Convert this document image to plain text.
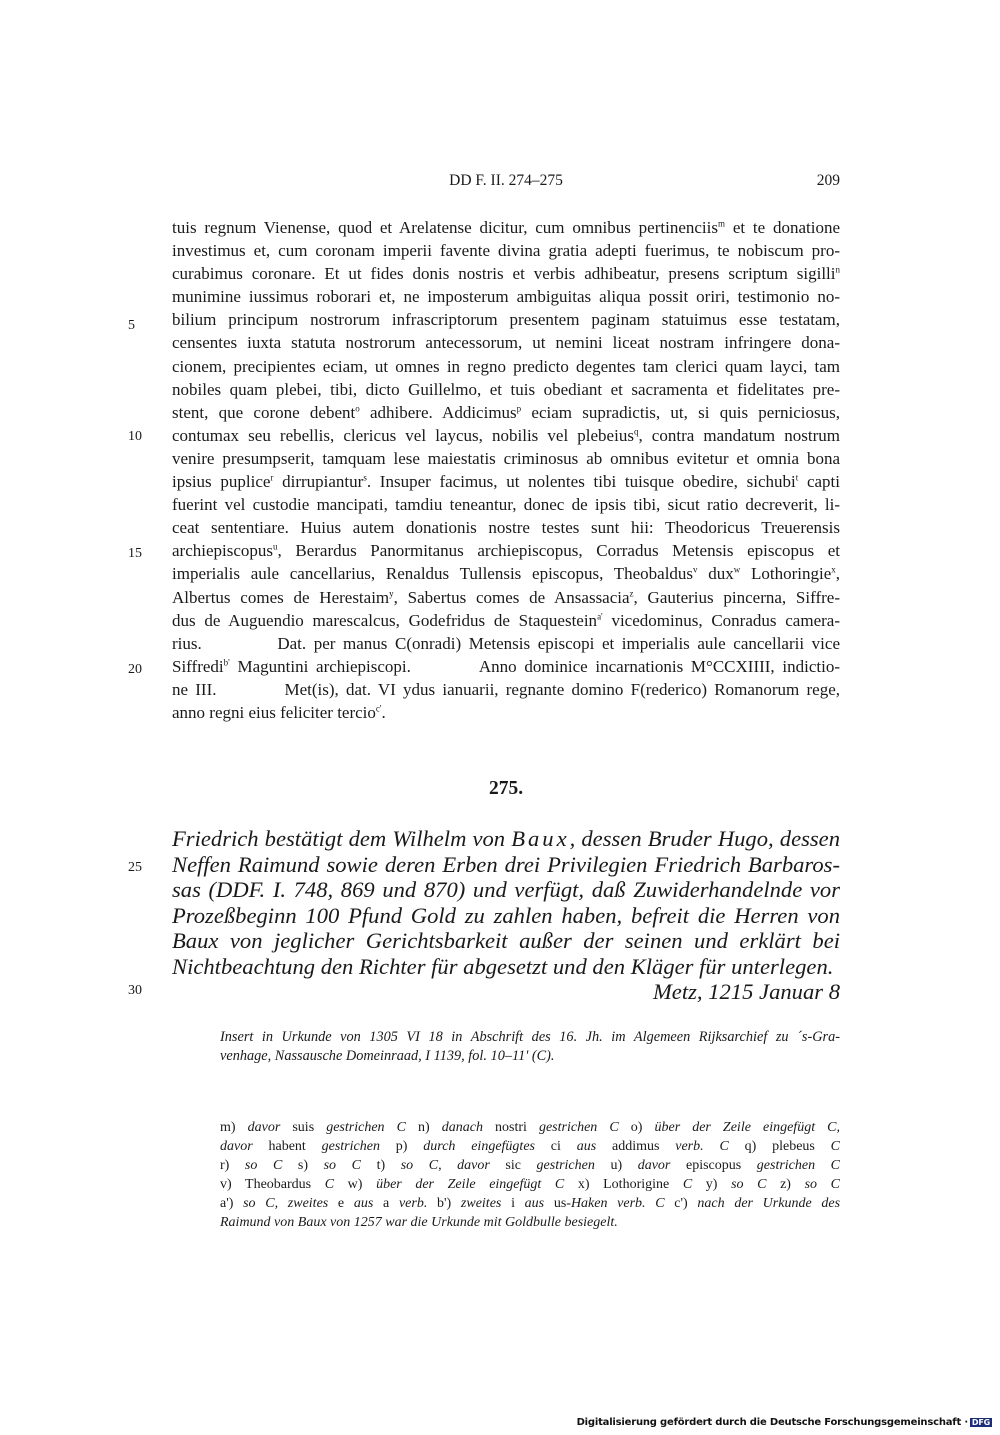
DD F. II. 274–275	209
5
10
15
20
25
30
tuis regnum Vienense, quod et Arelatense dicitur, cum omnibus pertinenciis$^m$ et te donatione
investimus et, cum coronam imperii favente divina gratia adepti fuerimus, te nobiscum pro-
curabimus coronare. Et ut fides donis nostris et verbis adhibeatur, presens scriptum sigilli$^n$
munimine iussimus roborari et, ne imposterum ambiguitas aliqua possit oriri, testimonio no-
bilium principum nostrorum infrascriptorum presentem paginam statuimus esse testatam,
censentes iuxta statuta nostrorum antecessorum, ut nemini liceat nostram infringere dona-
cionem, precipientes eciam, ut omnes in regno predicto degentes tam clerici quam layci, tam
nobiles quam plebei, tibi, dicto Guillelmo, et tuis obediant et sacramenta et fidelitates pre-
stent, que corone debent$^o$ adhibere. Addicimus$^p$ eciam supradictis, ut, si quis perniciosus,
contumax seu rebellis, clericus vel laycus, nobilis vel plebeius$^q$, contra mandatum nostrum
venire presumpserit, tamquam lese maiestatis criminosus ab omnibus evitetur et omnia bona
ipsius puplice$^r$ dirrupiantur$^s$. Insuper facimus, ut nolentes tibi tuisque obedire, sichubi$^t$ capti
fuerint vel custodie mancipati, tamdiu teneantur, donec de ipsis tibi, sicut ratio decreverit, li-
ceat sententiare. Huius autem donationis nostre testes sunt hii: Theodoricus Treuerensis
archiepiscopus$^u$, Berardus Panormitanus archiepiscopus, Corradus Metensis episcopus et
imperialis aule cancellarius, Renaldus Tullensis episcopus, Theobaldus$^v$ dux$^w$ Lothoringie$^x$,
Albertus comes de Herestaim$^y$, Sabertus comes de Ansassacia$^z$, Gauterius pincerna, Siffre-
dus de Auguendio marescalcus, Godefridus de Staquestein$^{a'}$ vicedominus, Conradus camera-
rius.     Dat. per manus C(onradi) Metensis episcopi et imperialis aule cancellarii vice
Siffredi$^{b'}$ Maguntini archiepiscopi.    Anno dominice incarnationis M°CCXIIII, indictio-
ne III.    Met(is), dat. VI ydus ianuarii, regnante domino F(rederico) Romanorum rege,
anno regni eius feliciter tercio$^{c'}$.
275.
Friedrich bestätigt dem Wilhelm von Baux, dessen Bruder Hugo, dessen
Neffen Raimund sowie deren Erben drei Privilegien Friedrich Barbaros-
sas (DDF. I. 748, 869 und 870) und verfügt, daß Zuwiderhandelnde vor
Prozeßbeginn 100 Pfund Gold zu zahlen haben, befreit die Herren von
Baux von jeglicher Gerichtsbarkeit außer der seinen und erklärt bei
Nichtbeachtung den Richter für abgesetzt und den Kläger für unterlegen.
Metz, 1215 Januar 8
Insert in Urkunde von 1305 VI 18 in Abschrift des 16. Jh. im Algemeen Rijksarchief zu ´s-Gra-
venhage, Nassausche Domeinraad, I 1139, fol. 10–11' (C).
m) davor suis gestrichen C n) danach nostri gestrichen C o) über der Zeile eingefügt C,
davor habent gestrichen p) durch eingefügtes ci aus addimus verb. C q) plebeus C
r) so C s) so C t) so C, davor sic gestrichen u) davor episcopus gestrichen C
v) Theobardus C w) über der Zeile eingefügt C x) Lothorigine C y) so C z) so C
a') so C, zweites e aus a verb. b') zweites i aus us-Haken verb. C c') nach der Urkunde des
Raimund von Baux von 1257 war die Urkunde mit Goldbulle besiegelt.
Digitalisierung gefördert durch die Deutsche Forschungsgemeinschaft · DFG
